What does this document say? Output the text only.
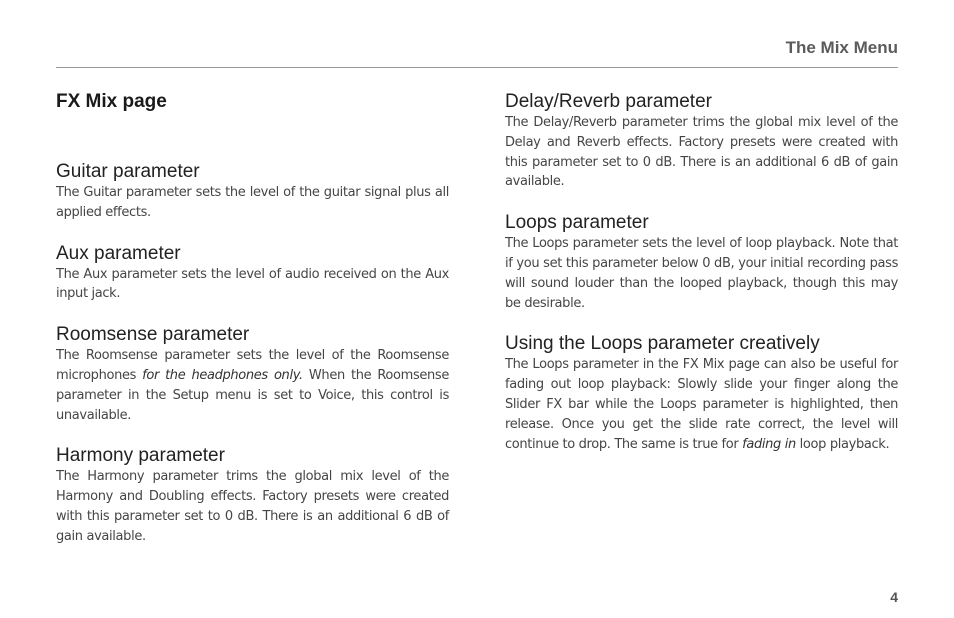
The Mix Menu
FX Mix page
Guitar parameter

The Guitar parameter sets the level of the guitar signal plus all applied effects.

Aux parameter

The Aux parameter sets the level of audio received on the Aux input jack.

Roomsense parameter

The Roomsense parameter sets the level of the Roomsense microphones for the headphones only. When the Roomsense parameter in the Setup menu is set to Voice, this control is unavailable.

Harmony parameter

The Harmony parameter trims the global mix level of the Harmony and Doubling effects. Factory presets were created with this parameter set to 0 dB. There is an additional 6 dB of gain available.

Delay/Reverb parameter

The Delay/Reverb parameter trims the global mix level of the Delay and Reverb effects. Factory presets were created with this parameter set to 0 dB. There is an additional 6 dB of gain available.

Loops parameter

The Loops parameter sets the level of loop playback. Note that if you set this parameter below 0 dB, your initial recording pass will sound louder than the looped playback, though this may be desirable.

Using the Loops parameter creatively

The Loops parameter in the FX Mix page can also be useful for fading out loop playback: Slowly slide your finger along the Slider FX bar while the Loops parameter is highlighted, then release. Once you get the slide rate correct, the level will continue to drop. The same is true for fading in loop playback.

4
